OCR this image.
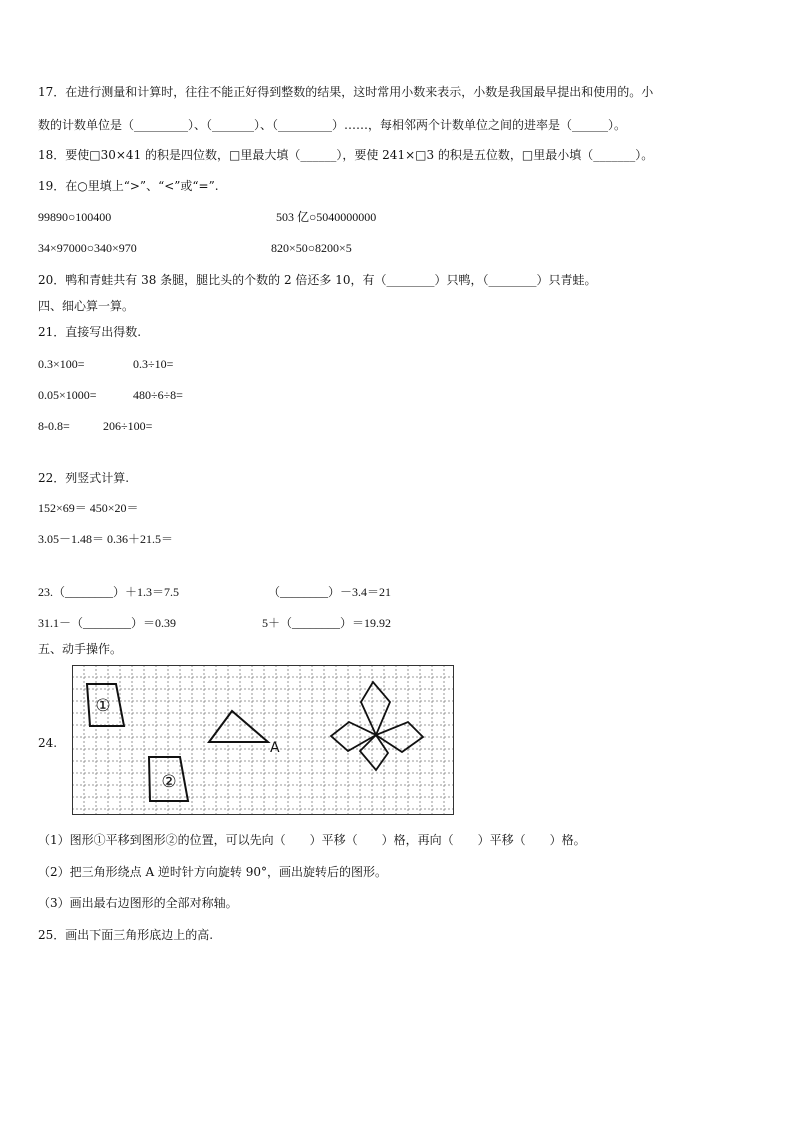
17．在进行测量和计算时，往往不能正好得到整数的结果，这时常用小数来表示，小数是我国最早提出和使用的。小
数的计数单位是（_________）、（_______）、（_________）……，每相邻两个计数单位之间的进率是（______）。
18．要使□30×41 的积是四位数，□里最大填（______），要使 241×□3 的积是五位数，□里最小填（_______）。
19．在○里填上“>”、“<”或“=”.
99890○100400	503 亿○5040000000
34×97000○340×970	820×50○8200×5
20．鸭和青蛙共有 38 条腿，腿比头的个数的 2 倍还多 10，有（________）只鸭，（________）只青蛙。
四、细心算一算。
21．直接写出得数.
0.3×100=	0.3÷10=
0.05×1000=	480÷6÷8=
8-0.8=	206÷100=
22．列竖式计算.
152×69＝ 450×20＝
3.05－1.48＝ 0.36＋21.5＝
23.（________）＋1.3＝7.5	（________）－3.4＝21
31.1－（________）＝0.39	5＋（________）＝19.92
五、动手操作。
24.
①
②
A
（1）图形①平移到图形②的位置，可以先向（　　）平移（　　）格，再向（　　）平移（　　）格。
（2）把三角形绕点 A 逆时针方向旋转 90°，画出旋转后的图形。
（3）画出最右边图形的全部对称轴。
25．画出下面三角形底边上的高.
